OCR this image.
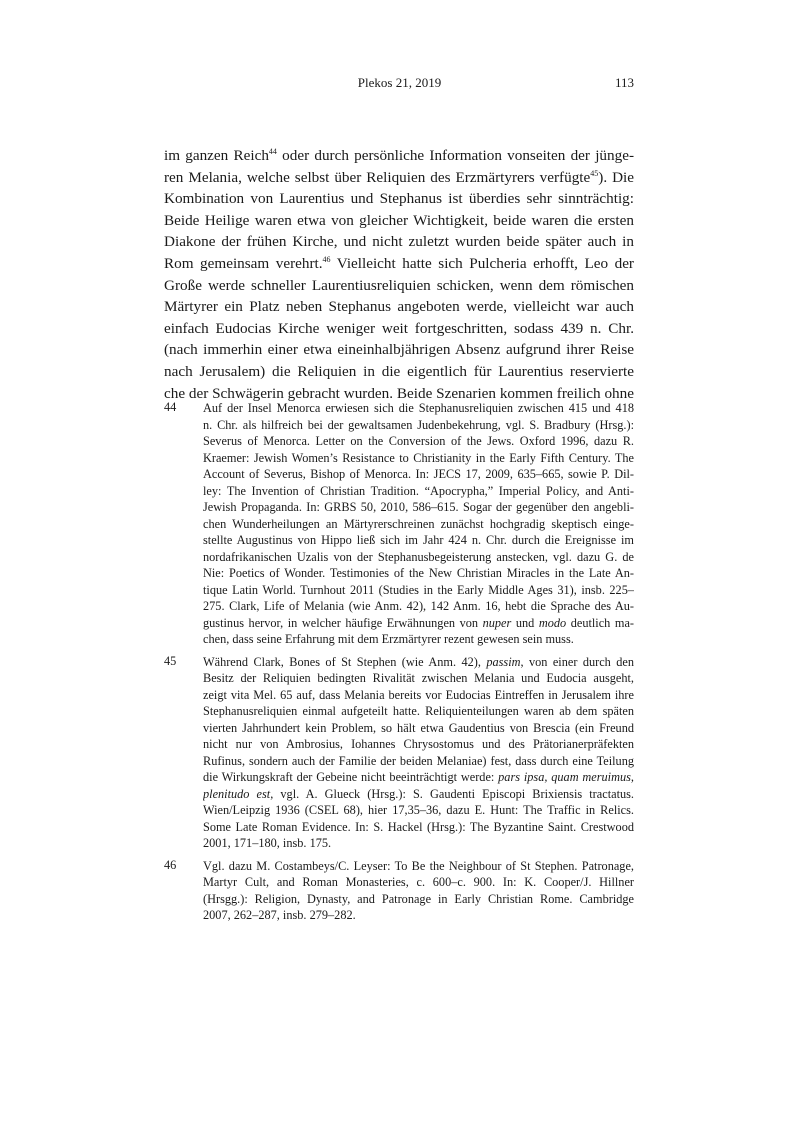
Plekos 21, 2019	113
im ganzen Reich$^{44}$ oder durch persönliche Information vonseiten der jünge-
ren Melania, welche selbst über Reliquien des Erzmärtyrers verfügte$^{45}$). Die
Kombination von Laurentius und Stephanus ist überdies sehr sinnträchtig:
Beide Heilige waren etwa von gleicher Wichtigkeit, beide waren die ersten
Diakone der frühen Kirche, und nicht zuletzt wurden beide später auch in
Rom gemeinsam verehrt.$^{46}$ Vielleicht hatte sich Pulcheria erhofft, Leo der
Große werde schneller Laurentiusreliquien schicken, wenn dem römischen
Märtyrer ein Platz neben Stephanus angeboten werde, vielleicht war auch
einfach Eudocias Kirche weniger weit fortgeschritten, sodass 439 n. Chr.
(nach immerhin einer etwa eineinhalbjährigen Absenz aufgrund ihrer Reise
nach Jerusalem) die Reliquien in die eigentlich für Laurentius reservierte
che der Schwägerin gebracht wurden. Beide Szenarien kommen freilich ohne
44 Auf der Insel Menorca erwiesen sich die Stephanusreliquien zwischen 415 und 418
n. Chr. als hilfreich bei der gewaltsamen Judenbekehrung, vgl. S. Bradbury (Hrsg.):
Severus of Menorca. Letter on the Conversion of the Jews. Oxford 1996, dazu R.
Kraemer: Jewish Women’s Resistance to Christianity in the Early Fifth Century. The
Account of Severus, Bishop of Menorca. In: JECS 17, 2009, 635–665, sowie P. Dil-
ley: The Invention of Christian Tradition. “Apocrypha,” Imperial Policy, and Anti-
Jewish Propaganda. In: GRBS 50, 2010, 586–615. Sogar der gegenüber den angebli-
chen Wunderheilungen an Märtyrerschreinen zunächst hochgradig skeptisch einge-
stellte Augustinus von Hippo ließ sich im Jahr 424 n. Chr. durch die Ereignisse im
nordafrikanischen Uzalis von der Stephanusbegeisterung anstecken, vgl. dazu G. de
Nie: Poetics of Wonder. Testimonies of the New Christian Miracles in the Late An-
tique Latin World. Turnhout 2011 (Studies in the Early Middle Ages 31), insb. 225–
275. Clark, Life of Melania (wie Anm. 42), 142 Anm. 16, hebt die Sprache des Au-
gustinus hervor, in welcher häufige Erwähnungen von nuper und modo deutlich ma-
chen, dass seine Erfahrung mit dem Erzmärtyrer rezent gewesen sein muss.
45 Während Clark, Bones of St Stephen (wie Anm. 42), passim, von einer durch den
Besitz der Reliquien bedingten Rivalität zwischen Melania und Eudocia ausgeht,
zeigt vita Mel. 65 auf, dass Melania bereits vor Eudocias Eintreffen in Jerusalem ihre
Stephanusreliquien einmal aufgeteilt hatte. Reliquienteilungen waren ab dem späten
vierten Jahrhundert kein Problem, so hält etwa Gaudentius von Brescia (ein Freund
nicht nur von Ambrosius, Iohannes Chrysostomus und des Prätorianerpräfekten
Rufinus, sondern auch der Familie der beiden Melaniae) fest, dass durch eine Teilung
die Wirkungskraft der Gebeine nicht beeinträchtigt werde: pars ipsa, quam meruimus,
plenitudo est, vgl. A. Glueck (Hrsg.): S. Gaudenti Episcopi Brixiensis tractatus.
Wien/Leipzig 1936 (CSEL 68), hier 17,35–36, dazu E. Hunt: The Traffic in Relics.
Some Late Roman Evidence. In: S. Hackel (Hrsg.): The Byzantine Saint. Crestwood
2001, 171–180, insb. 175.
46 Vgl. dazu M. Costambeys/C. Leyser: To Be the Neighbour of St Stephen. Patronage,
Martyr Cult, and Roman Monasteries, c. 600–c. 900. In: K. Cooper/J. Hillner
(Hrsgg.): Religion, Dynasty, and Patronage in Early Christian Rome. Cambridge
2007, 262–287, insb. 279–282.
